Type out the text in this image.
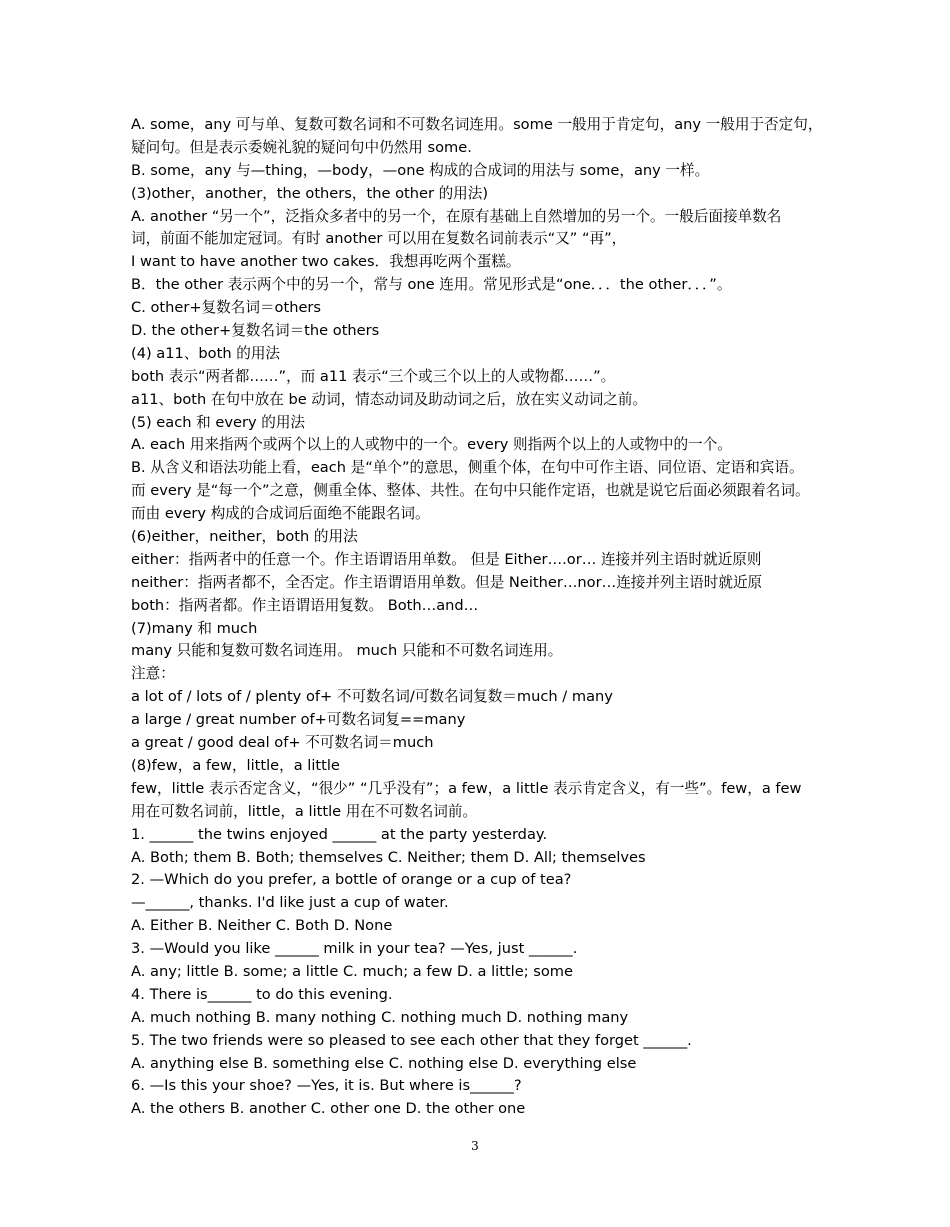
A. some，any 可与单、复数可数名词和不可数名词连用。some 一般用于肯定句，any 一般用于否定句，
疑问句。但是表示委婉礼貌的疑问句中仍然用 some.
B. some，any 与—thing，—body，—one 构成的合成词的用法与 some，any 一样。
(3)other，another，the others，the other 的用法)
A. another “另一个”，泛指众多者中的另一个，在原有基础上自然增加的另一个。一般后面接单数名
词，前面不能加定冠词。有时 another 可以用在复数名词前表示“又” “再”，
I want to have another two cakes．我想再吃两个蛋糕。
B．the other 表示两个中的另一个，常与 one 连用。常见形式是“one．．．the other．．．”。
C. other+复数名词＝others
D. the other+复数名词＝the others
(4) a11、both 的用法
both 表示“两者都……”，而 a11 表示“三个或三个以上的人或物都……”。
a11、both 在句中放在 be 动词，情态动词及助动词之后，放在实义动词之前。
(5) each 和 every 的用法
A. each 用来指两个或两个以上的人或物中的一个。every 则指两个以上的人或物中的一个。
B. 从含义和语法功能上看，each 是“单个”的意思，侧重个体，在句中可作主语、同位语、定语和宾语。
而 every 是“每一个”之意，侧重全体、整体、共性。在句中只能作定语，也就是说它后面必须跟着名词。
而由 every 构成的合成词后面绝不能跟名词。
(6)either，neither，both 的用法
either：指两者中的任意一个。作主语谓语用单数。 但是 Either….or… 连接并列主语时就近原则
neither：指两者都不，全否定。作主语谓语用单数。但是 Neither…nor…连接并列主语时就近原
both：指两者都。作主语谓语用复数。 Both…and…
(7)many 和 much
many 只能和复数可数名词连用。 much 只能和不可数名词连用。
注意：
a lot of / lots of / plenty of+ 不可数名词/可数名词复数＝much / many
a large / great number of+可数名词复==many
a great / good deal of+ 不可数名词＝much
(8)few，a few，little，a little
few，little 表示否定含义，“很少” “几乎没有”；a few，a little 表示肯定含义，有一些”。few，a few
用在可数名词前，little，a little 用在不可数名词前。
1. ______ the twins enjoyed ______ at the party yesterday.
A. Both; them B. Both; themselves C. Neither; them D. All; themselves
2. —Which do you prefer, a bottle of orange or a cup of tea?
—______, thanks. I'd like just a cup of water.
A. Either B. Neither C. Both D. None
3. —Would you like ______ milk in your tea? —Yes, just ______.
A. any; little B. some; a little C. much; a few D. a little; some
4. There is______ to do this evening.
A. much nothing B. many nothing C. nothing much D. nothing many
5. The two friends were so pleased to see each other that they forget ______.
A. anything else B. something else C. nothing else D. everything else
6. —Is this your shoe? —Yes, it is. But where is______?
A. the others B. another C. other one D. the other one
3
